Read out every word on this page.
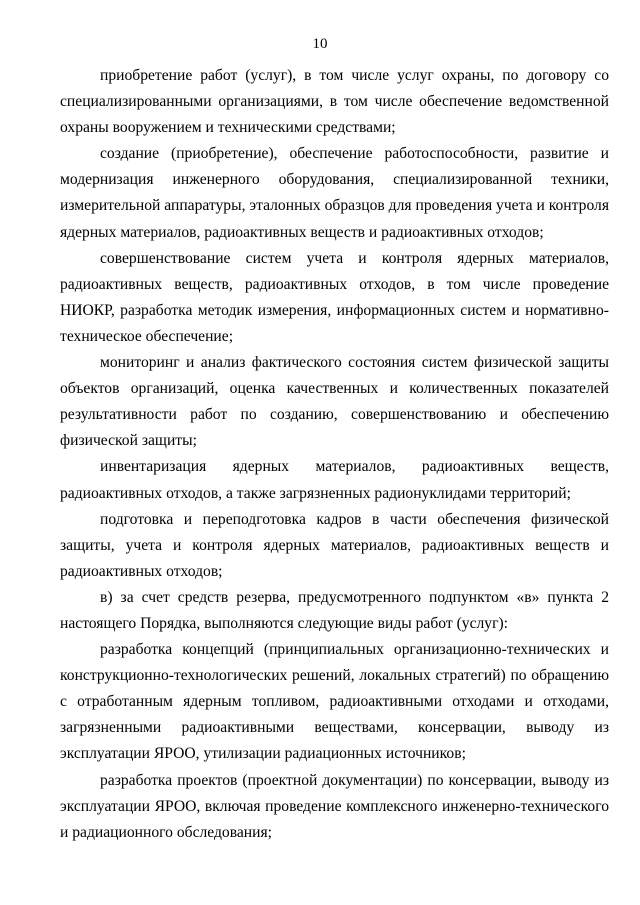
10

приобретение работ (услуг), в том числе услуг охраны, по договору со специализированными организациями, в том числе обеспечение ведомственной охраны вооружением и техническими средствами;

создание (приобретение), обеспечение работоспособности, развитие и модернизация инженерного оборудования, специализированной техники, измерительной аппаратуры, эталонных образцов для проведения учета и контроля ядерных материалов, радиоактивных веществ и радиоактивных отходов;

совершенствование систем учета и контроля ядерных материалов, радиоактивных веществ, радиоактивных отходов, в том числе проведение НИОКР, разработка методик измерения, информационных систем и нормативно-техническое обеспечение;

мониторинг и анализ фактического состояния систем физической защиты объектов организаций, оценка качественных и количественных показателей результативности работ по созданию, совершенствованию и обеспечению физической защиты;

инвентаризация ядерных материалов, радиоактивных веществ, радиоактивных отходов, а также загрязненных радионуклидами территорий;

подготовка и переподготовка кадров в части обеспечения физической защиты, учета и контроля ядерных материалов, радиоактивных веществ и радиоактивных отходов;

в) за счет средств резерва, предусмотренного подпунктом «в» пункта 2 настоящего Порядка, выполняются следующие виды работ (услуг):

разработка концепций (принципиальных организационно-технических и конструкционно-технологических решений, локальных стратегий) по обращению с отработанным ядерным топливом, радиоактивными отходами и отходами, загрязненными радиоактивными веществами, консервации, выводу из эксплуатации ЯРОО, утилизации радиационных источников;

разработка проектов (проектной документации) по консервации, выводу из эксплуатации ЯРОО, включая проведение комплексного инженерно-технического и радиационного обследования;
